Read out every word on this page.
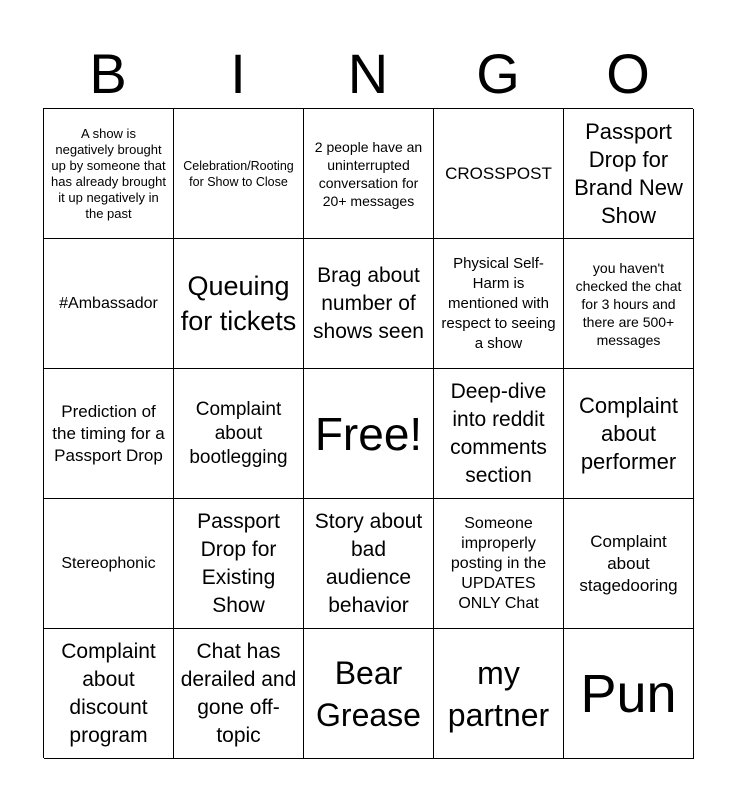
B	I	N	G	O
A show is negatively brought up by someone that has already brought it up negatively in the past
Celebration/Rooting for Show to Close
2 people have an uninterrupted conversation for 20+ messages
CROSSPOST
Passport Drop for Brand New Show
#Ambassador
Queuing for tickets
Brag about number of shows seen
Physical Self-Harm is mentioned with respect to seeing a show
you haven't checked the chat for 3 hours and there are 500+ messages
Prediction of the timing for a Passport Drop
Complaint about bootlegging Free!
Deep-dive into reddit comments section
Complaint about performer
Stereophonic
Passport Drop for Existing Show
Story about bad audience behavior
Someone improperly posting in the UPDATES ONLY Chat
Complaint about stagedooring
Complaint about discount program
Chat has derailed and gone off-topic
Bear Grease
my partner Pun
